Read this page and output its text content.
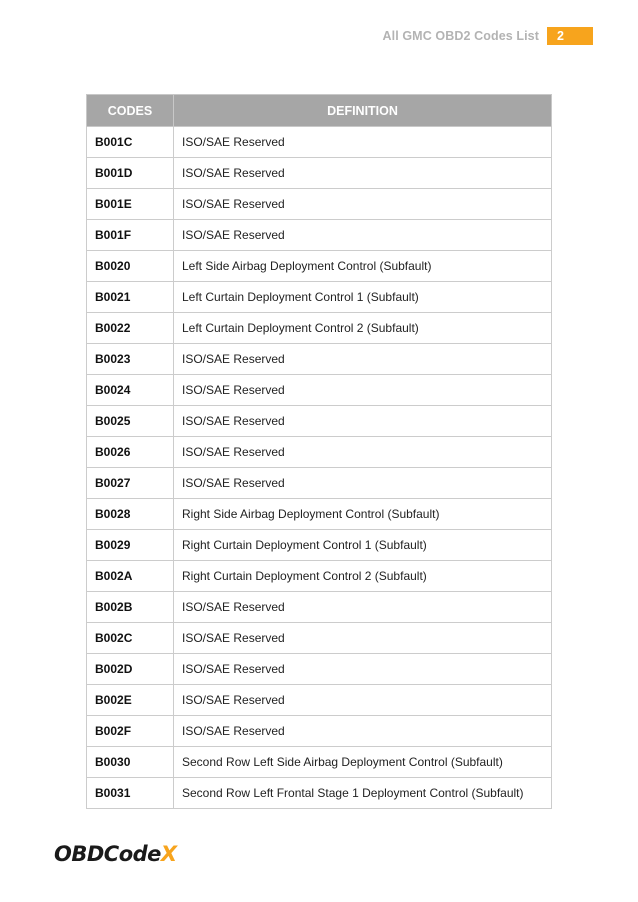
All GMC OBD2 Codes List	2
CODES	DEFINITION
B001C	ISO/SAE Reserved
B001D	ISO/SAE Reserved
B001E	ISO/SAE Reserved
B001F	ISO/SAE Reserved
B0020	Left Side Airbag Deployment Control (Subfault)
B0021	Left Curtain Deployment Control 1 (Subfault)
B0022	Left Curtain Deployment Control 2 (Subfault)
B0023	ISO/SAE Reserved
B0024	ISO/SAE Reserved
B0025	ISO/SAE Reserved
B0026	ISO/SAE Reserved
B0027	ISO/SAE Reserved
B0028	Right Side Airbag Deployment Control (Subfault)
B0029	Right Curtain Deployment Control 1 (Subfault)
B002A	Right Curtain Deployment Control 2 (Subfault)
B002B	ISO/SAE Reserved
B002C	ISO/SAE Reserved
B002D	ISO/SAE Reserved
B002E	ISO/SAE Reserved
B002F	ISO/SAE Reserved
B0030	Second Row Left Side Airbag Deployment Control (Subfault)
B0031	Second Row Left Frontal Stage 1 Deployment Control (Subfault)
OBDCodeX
